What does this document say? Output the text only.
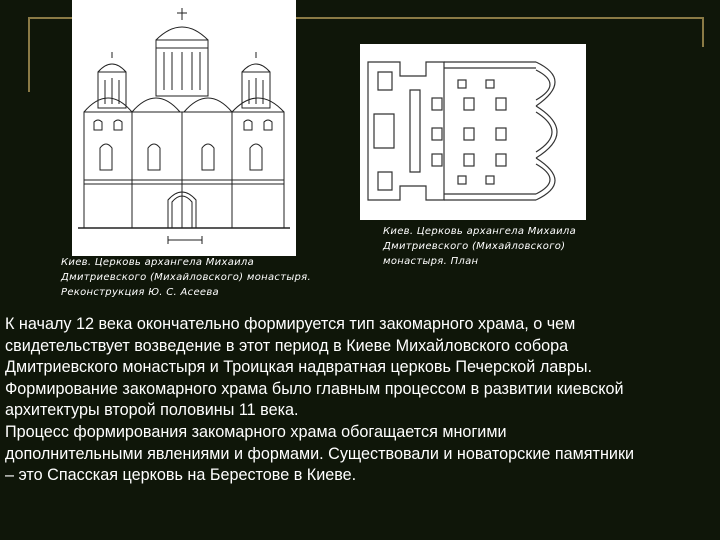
Киев. Церковь архангела Михаила
Дмитриевского (Михайловского) монастыря.
Реконструкция Ю. С. Асеева
Киев. Церковь архангела Михаила
Дмитриевского (Михайловского)
монастыря. План
К началу 12 века окончательно формируется тип закомарного храма, о чем
свидетельствует возведение в этот период в Киеве Михайловского собора
Дмитриевского монастыря и Троицкая надвратная церковь Печерской лавры.
Формирование закомарного храма было главным процессом в развитии киевской
архитектуры второй половины 11 века.
Процесс формирования закомарного храма обогащается многими
дополнительными явлениями и формами. Существовали и новаторские памятники
– это Спасская церковь на Берестове в Киеве.
